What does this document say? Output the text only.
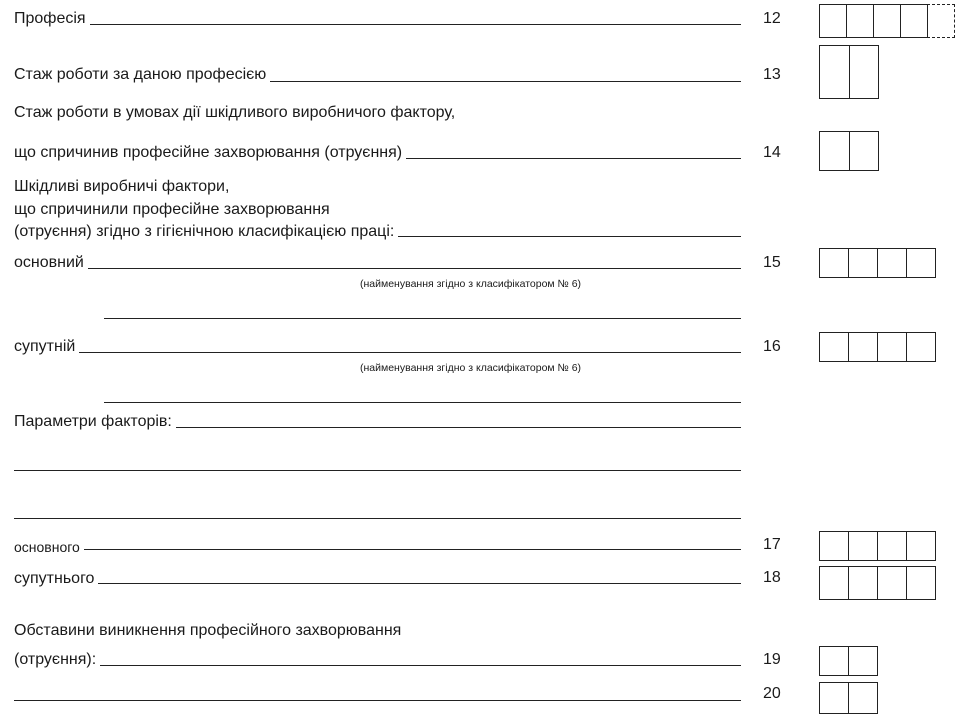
Професія	12
Стаж роботи за даною професією	13
Стаж роботи в умовах дії шкідливого виробничого фактору,
що спричинив професійне захворювання (отруєння)	14
Шкідливі виробничі фактори,
що спричинили професійне захворювання
(отруєння) згідно з гігієнічною класифікацією праці:
основний	15
(найменування згідно з класифікатором № 6)
супутній	16
(найменування згідно з класифікатором № 6)
Параметри факторів:
основного	17
супутнього	18
Обставини виникнення професійного захворювання
(отруєння):	19
20
